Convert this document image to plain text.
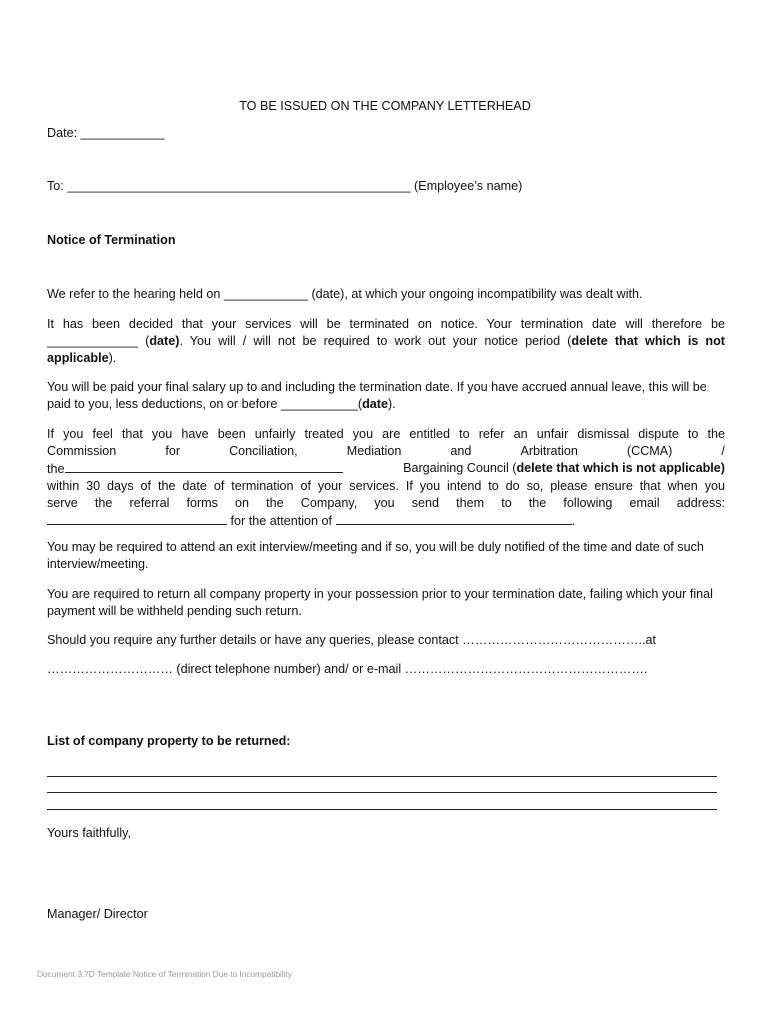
TO BE ISSUED ON THE COMPANY LETTERHEAD
Date: ____________
To: _________________________________________________ (Employee’s name)
Notice of Termination
We refer to the hearing held on ____________ (date), at which your ongoing incompatibility was dealt with.
It has been decided that your services will be terminated on notice. Your termination date will therefore be _____________ (date). You will / will not be required to work out your notice period (delete that which is not applicable).
You will be paid your final salary up to and including the termination date. If you have accrued annual leave, this will be paid to you, less deductions, on or before ___________(date).
If you feel that you have been unfairly treated you are entitled to refer an unfair dismissal dispute to the
Commission	for	Conciliation,	Mediation	and	Arbitration	(CCMA)	/
the	Bargaining Council (delete that which is not applicable)
within 30 days of the date of termination of your services. If you intend to do so, please ensure that when you
serve the referral forms on the Company, you send them to the following email address:
for the attention of	.
You may be required to attend an exit interview/meeting and if so, you will be duly notified of the time and date of such interview/meeting.
You are required to return all company property in your possession prior to your termination date, failing which your final payment will be withheld pending such return.
Should you require any further details or have any queries, please contact ……………………………………..at
………………………… (direct telephone number) and/ or e-mail ………………………………………………….
List of company property to be returned:
Yours faithfully,
Manager/ Director
Document 3.7D Template Notice of Termination Due to Incompatibility
